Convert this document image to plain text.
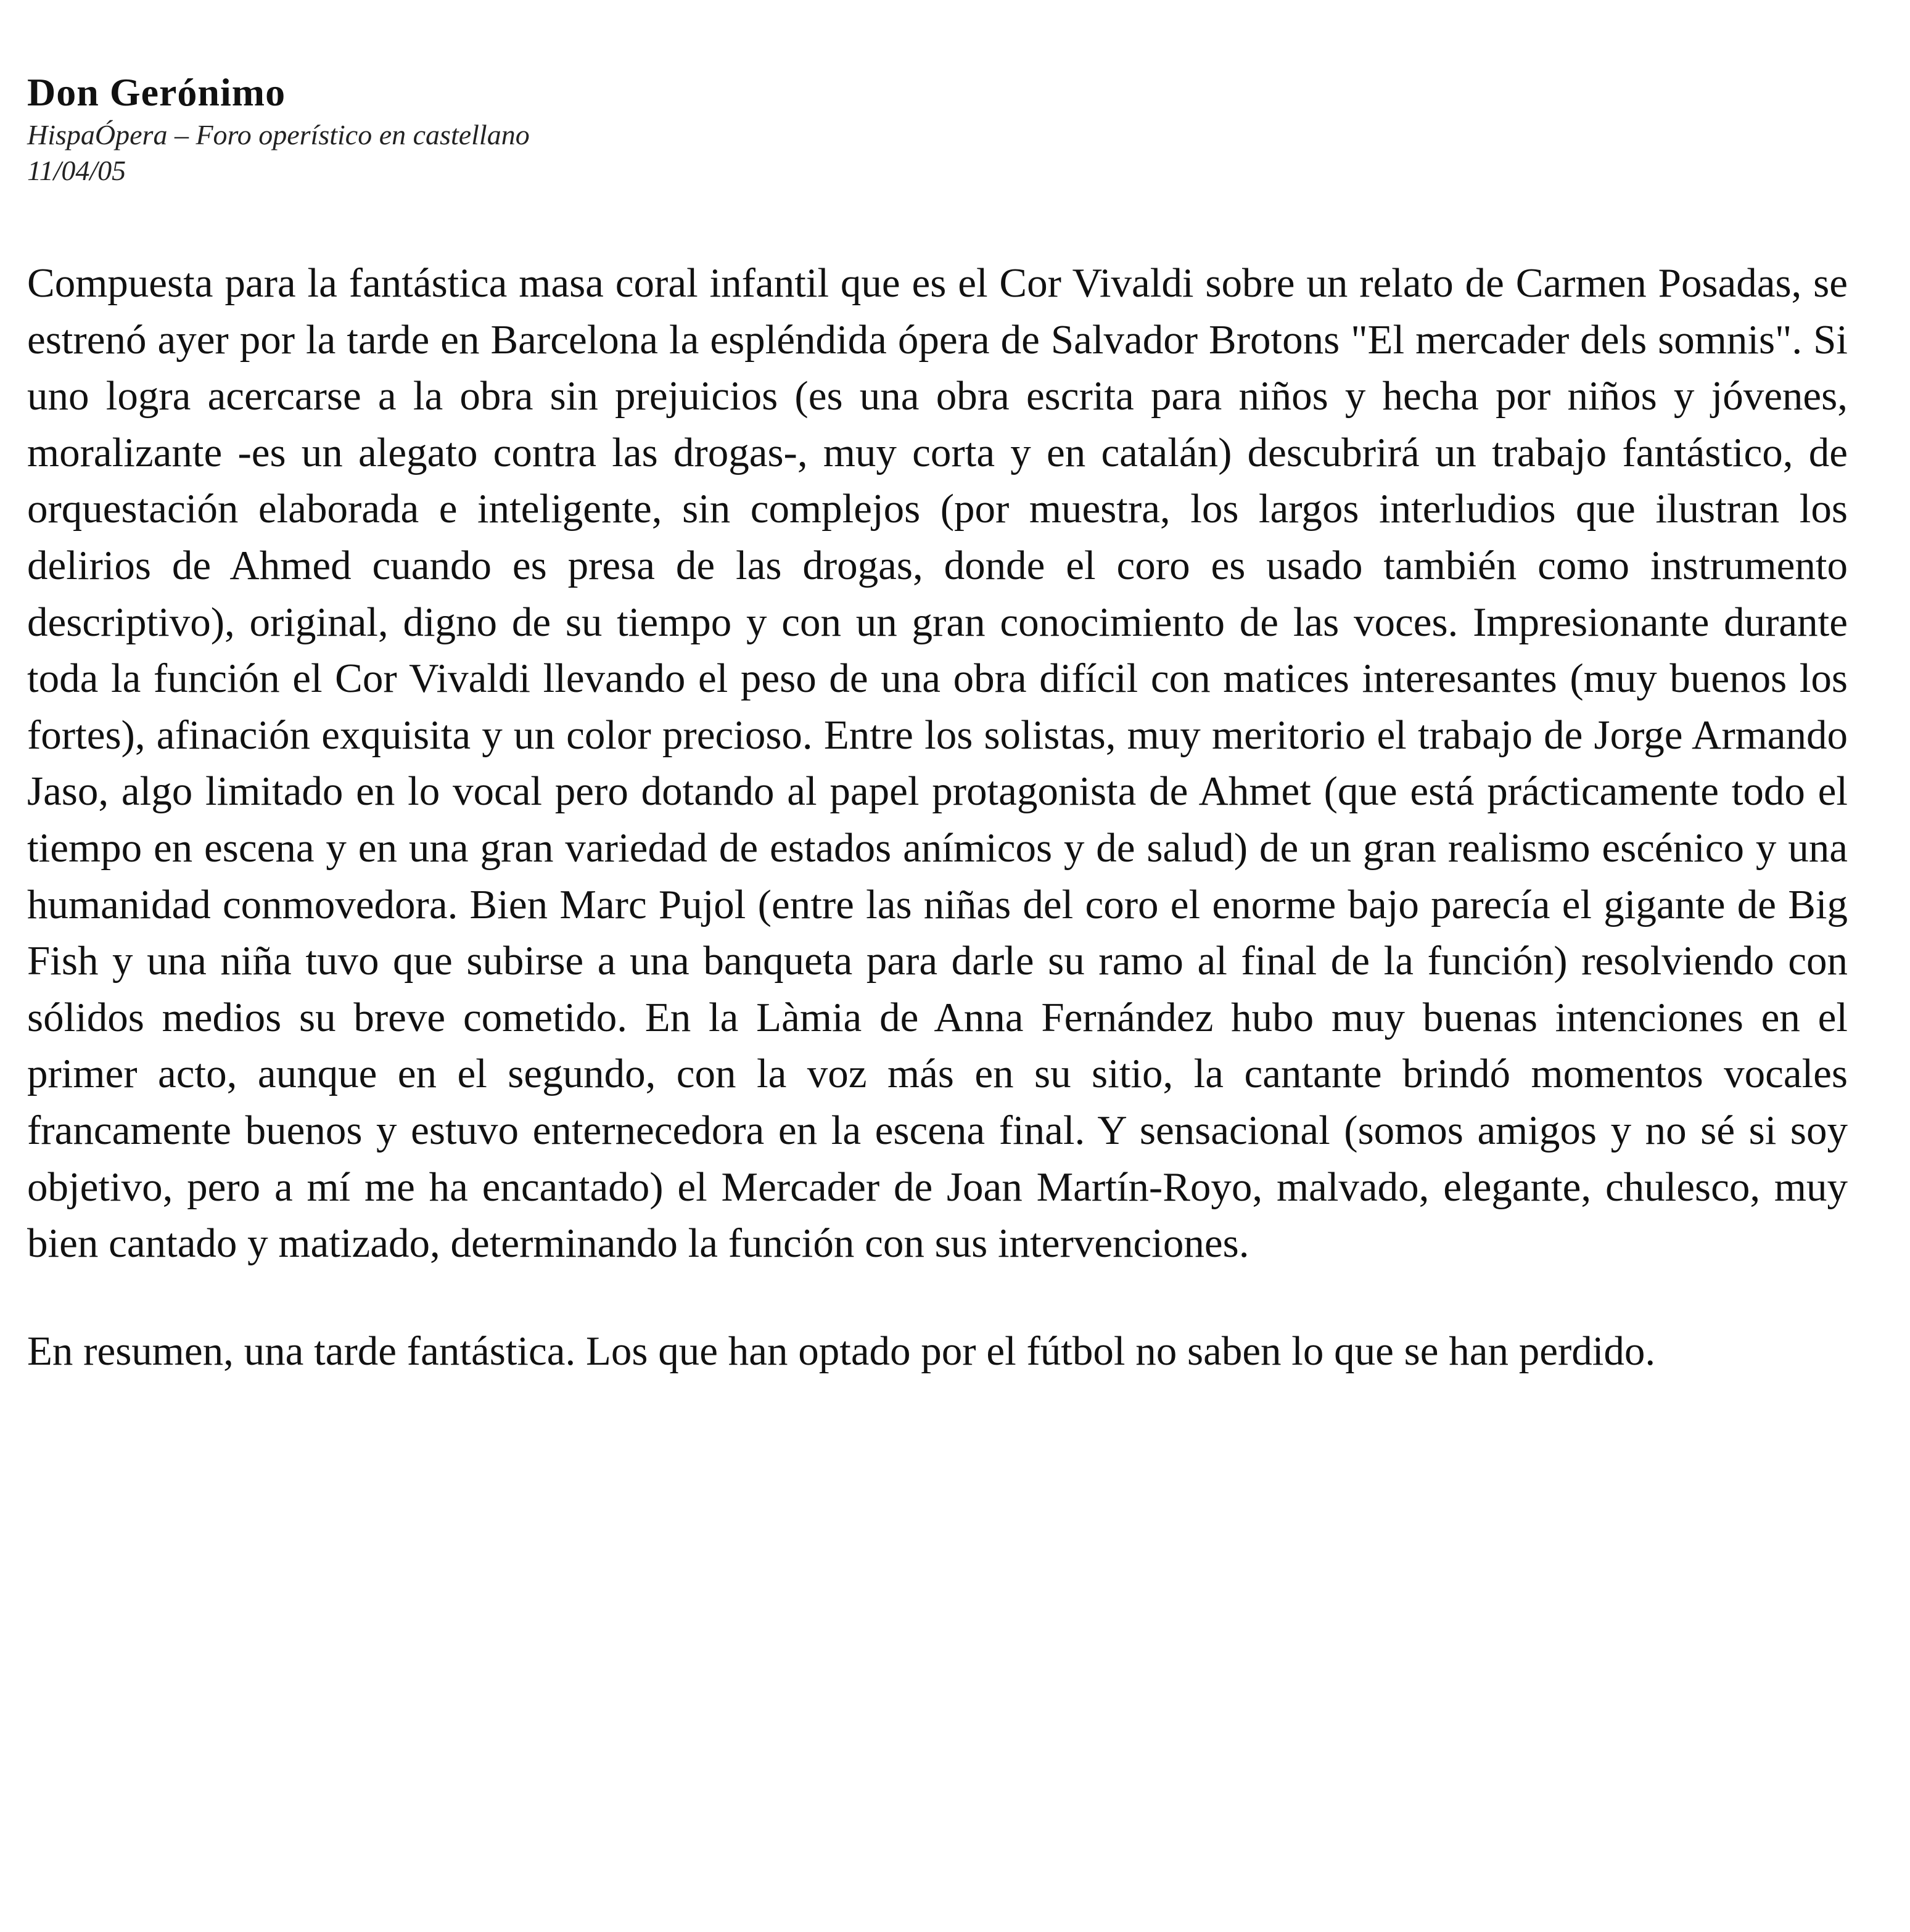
Don Gerónimo

HispaÓpera – Foro operístico en castellano

11/04/05

Compuesta para la fantástica masa coral infantil que es el Cor Vivaldi sobre un relato de Carmen Posadas, se estrenó ayer por la tarde en Barcelona la espléndida ópera de Salvador Brotons "El mercader dels somnis". Si uno logra acercarse a la obra sin prejuicios (es una obra escrita para niños y hecha por niños y jóvenes, moralizante -es un alegato contra las drogas-, muy corta y en catalán) descubrirá un trabajo fantástico, de orquestación elaborada e inteligente, sin complejos (por muestra, los largos interludios que ilustran los delirios de Ahmed cuando es presa de las drogas, donde el coro es usado también como instrumento descriptivo), original, digno de su tiempo y con un gran conocimiento de las voces. Impresionante durante toda la función el Cor Vivaldi llevando el peso de una obra difícil con matices interesantes (muy buenos los fortes), afinación exquisita y un color precioso. Entre los solistas, muy meritorio el trabajo de Jorge Armando Jaso, algo limitado en lo vocal pero dotando al papel protagonista de Ahmet (que está prácticamente todo el tiempo en escena y en una gran variedad de estados anímicos y de salud) de un gran realismo escénico y una humanidad conmovedora. Bien Marc Pujol (entre las niñas del coro el enorme bajo parecía el gigante de Big Fish y una niña tuvo que subirse a una banqueta para darle su ramo al final de la función) resolviendo con sólidos medios su breve cometido. En la Làmia de Anna Fernández hubo muy buenas intenciones en el primer acto, aunque en el segundo, con la voz más en su sitio, la cantante brindó momentos vocales francamente buenos y estuvo enternecedora en la escena final. Y sensacional (somos amigos y no sé si soy objetivo, pero a mí me ha encantado) el Mercader de Joan Martín-Royo, malvado, elegante, chulesco, muy bien cantado y matizado, determinando la función con sus intervenciones.

En resumen, una tarde fantástica. Los que han optado por el fútbol no saben lo que se han perdido.
